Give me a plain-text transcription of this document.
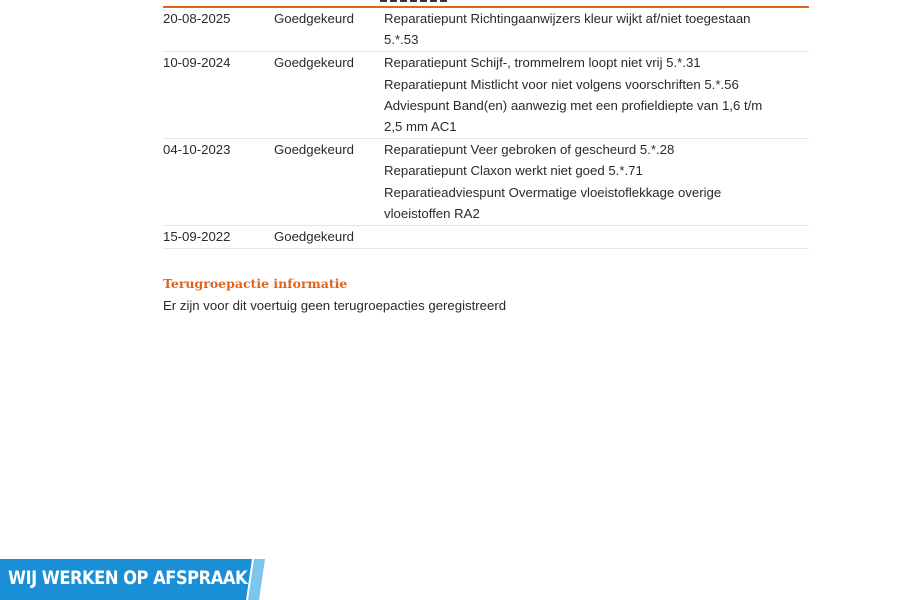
20-08-2025	Goedgekeurd	Reparatiepunt Richtingaanwijzers kleur wijkt af/niet toegestaan
5.*.53
10-09-2024	Goedgekeurd	Reparatiepunt Schijf-, trommelrem loopt niet vrij 5.*.31
Reparatiepunt Mistlicht voor niet volgens voorschriften 5.*.56
Adviespunt Band(en) aanwezig met een profieldiepte van 1,6 t/m
2,5 mm AC1
04-10-2023	Goedgekeurd	Reparatiepunt Veer gebroken of gescheurd 5.*.28
Reparatiepunt Claxon werkt niet goed 5.*.71
Reparatieadviespunt Overmatige vloeistoflekkage overige
vloeistoffen RA2
15-09-2022	Goedgekeurd
Terugroepactie informatie
Er zijn voor dit voertuig geen terugroepacties geregistreerd
WIJ WERKEN OP AFSPRAAK
